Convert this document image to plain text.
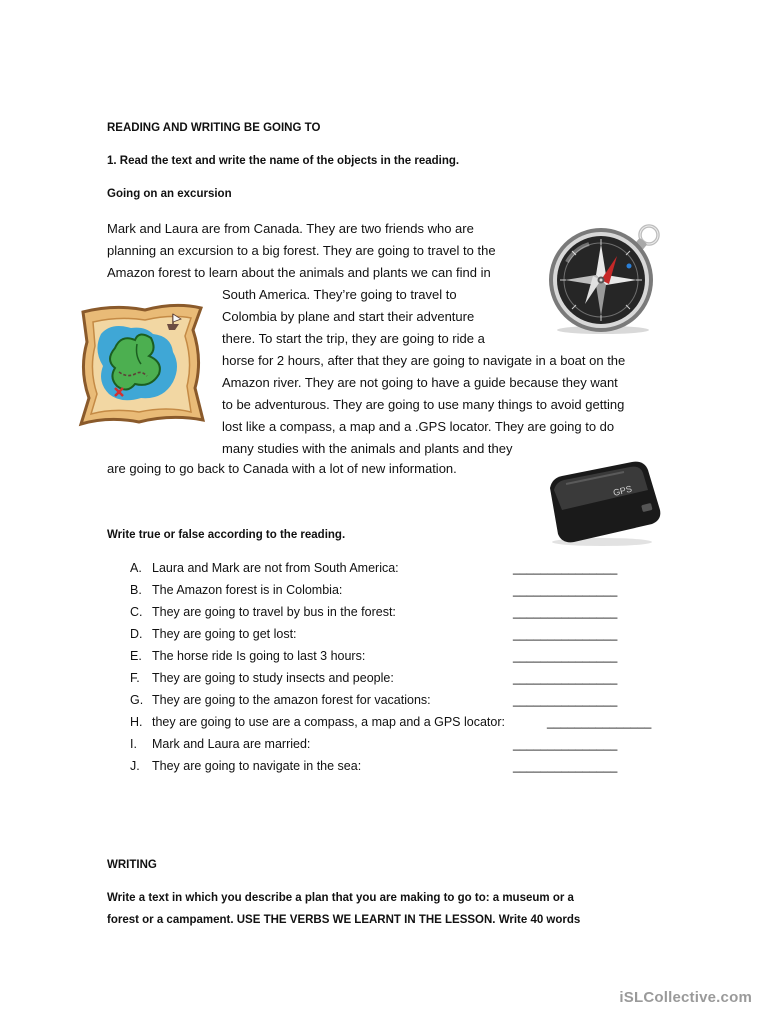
READING AND WRITING BE GOING TO
1. Read the text and write the name of the objects in the reading.
Going on an excursion
Mark and Laura are from Canada. They are two friends who are
planning an excursion to a big forest. They are going to travel to the
Amazon forest to learn about the animals and plants we can find in
South America. They’re going to travel to
Colombia by plane and start their adventure
there. To start the trip, they are going to ride a
horse for 2 hours, after that they are going to navigate in a boat on the
Amazon river. They are not going to have a guide because they want
to be adventurous. They are going to use many things to avoid getting
lost like a compass, a map and a .GPS locator. They are going to do
many studies with the animals and plants and they
are going to go back to Canada with a lot of new information.
GPS
Write true or false according to the reading.
A. Laura and Mark are not from South America:	_______________
B. The Amazon forest is in Colombia:	_______________
C. They are going to travel by bus in the forest:	_______________
D. They are going to get lost:	_______________
E. The horse ride Is going to last 3 hours:	_______________
F. They are going to study insects and people:	_______________
G. They are going to the amazon forest for vacations:	_______________
H. they are going to use are a compass, a map and a GPS locator:	_______________
I. Mark and Laura are married:	_______________
J. They are going to navigate in the sea:	_______________
WRITING
Write a text in which you describe a plan that you are making to go to: a museum or a
forest or a campament. USE THE VERBS WE LEARNT IN THE LESSON. Write 40 words
iSLCollective.com
